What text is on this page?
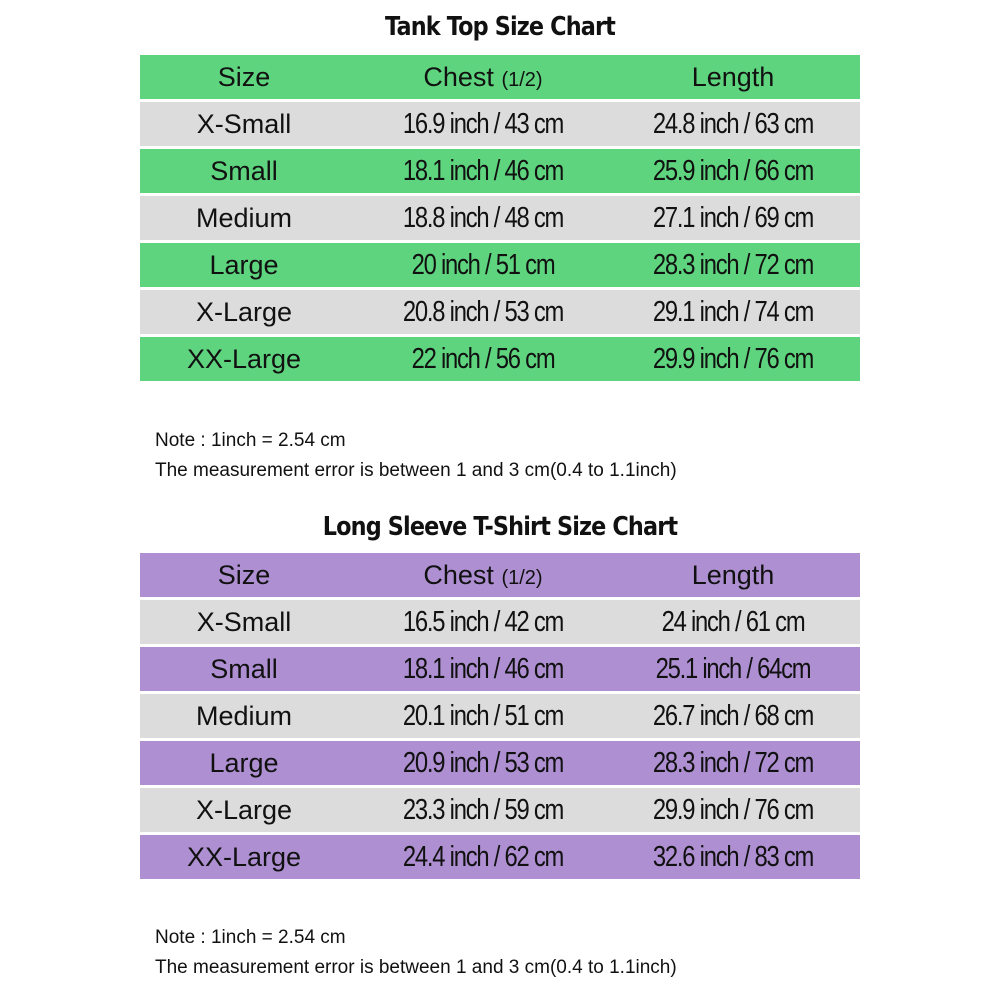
Tank Top Size Chart
Size	Chest (1/2)	Length
X-Small	16.9 inch / 43 cm	24.8 inch / 63 cm
Small	18.1 inch / 46 cm	25.9 inch / 66 cm
Medium	18.8 inch / 48 cm	27.1 inch / 69 cm
Large	20 inch / 51 cm	28.3 inch / 72 cm
X-Large	20.8 inch / 53 cm	29.1 inch / 74 cm
XX-Large	22 inch / 56 cm	29.9 inch / 76 cm
Note : 1inch = 2.54 cm
The measurement error is between 1 and 3 cm(0.4 to 1.1inch)
Long Sleeve T-Shirt Size Chart
Size	Chest (1/2)	Length
X-Small	16.5 inch / 42 cm	24 inch / 61 cm
Small	18.1 inch / 46 cm	25.1 inch / 64cm
Medium	20.1 inch / 51 cm	26.7 inch / 68 cm
Large	20.9 inch / 53 cm	28.3 inch / 72 cm
X-Large	23.3 inch / 59 cm	29.9 inch / 76 cm
XX-Large	24.4 inch / 62 cm	32.6 inch / 83 cm
Note : 1inch = 2.54 cm
The measurement error is between 1 and 3 cm(0.4 to 1.1inch)
